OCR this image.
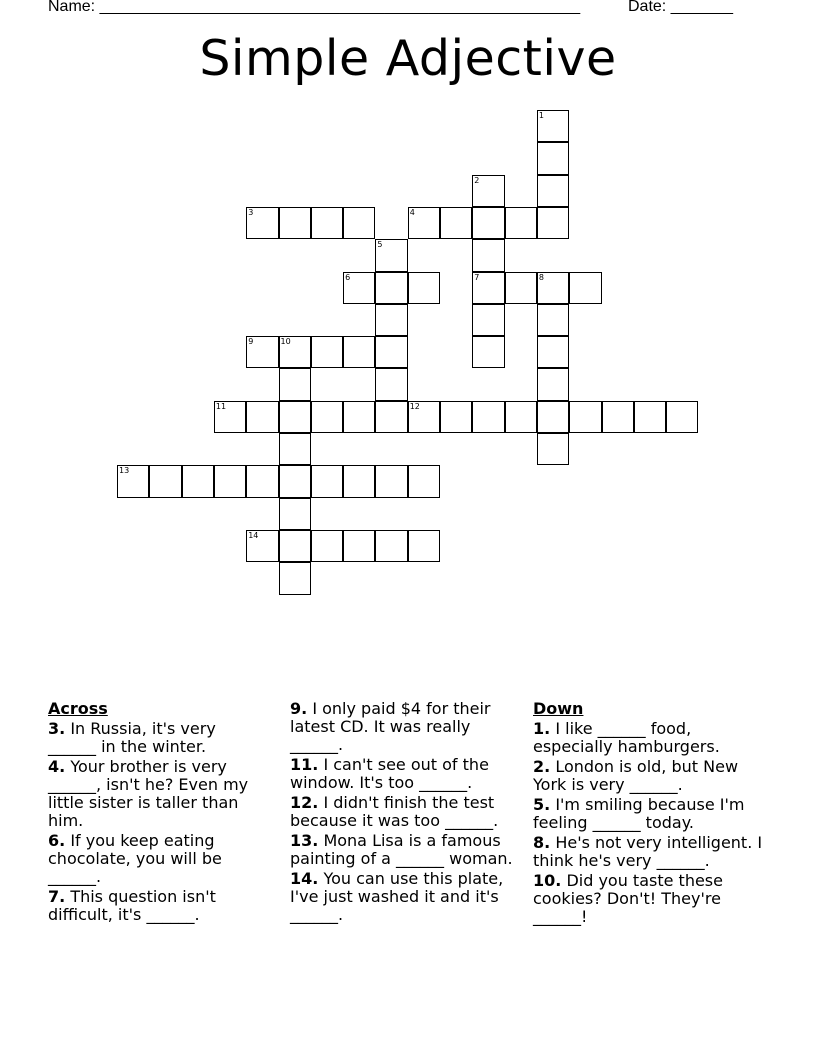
Name: ______________________________________________________	Date: _______
Simple Adjective
1
2
7
3	4
5
6	8
9	10
11	12
13
14
Across
3. In Russia, it's very ______ in the winter.
4. Your brother is very ______, isn't he? Even my little sister is taller than him.
6. If you keep eating chocolate, you will be ______.
7. This question isn't difficult, it's ______.
9. I only paid $4 for their latest CD. It was really ______.
11. I can't see out of the window. It's too ______.
12. I didn't finish the test because it was too ______.
13. Mona Lisa is a famous painting of a ______ woman.
14. You can use this plate, I've just washed it and it's ______.
Down
1. I like ______ food, especially hamburgers.
2. London is old, but New York is very ______.
5. I'm smiling because I'm feeling ______ today.
8. He's not very intelligent. I think he's very ______.
10. Did you taste these cookies? Don't! They're ______!
